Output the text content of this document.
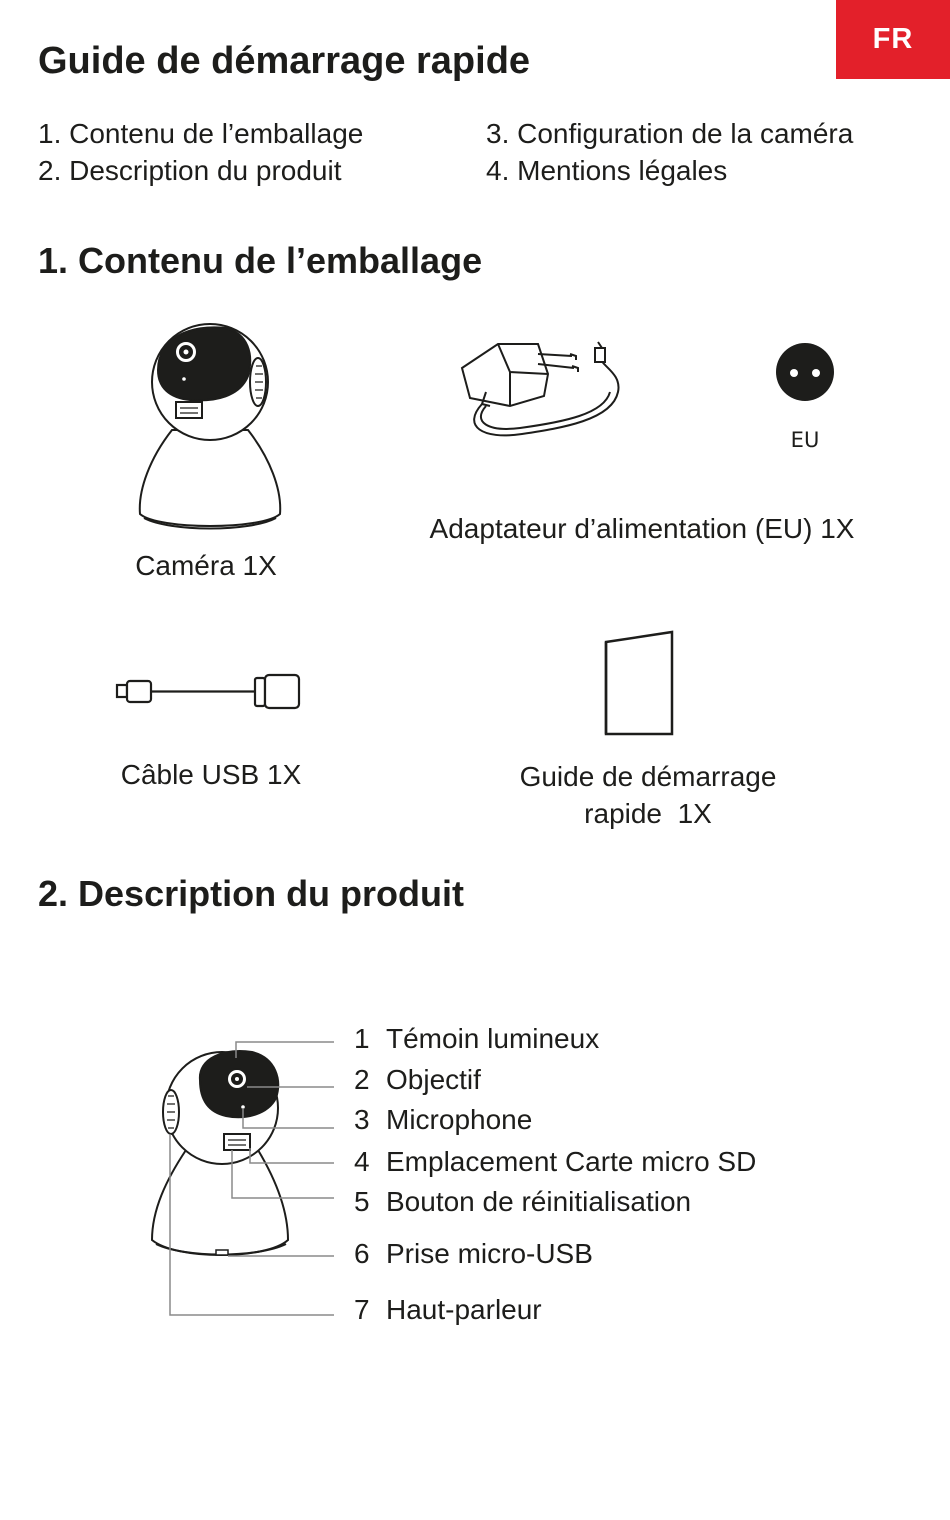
FR
Guide de démarrage rapide
1. Contenu de l’emballage
2. Description du produit
3. Configuration de la caméra
4. Mentions légales
1. Contenu de l’emballage
Caméra 1X
EU
Adaptateur d’alimentation (EU) 1X
Câble USB 1X	Guide de démarrage
rapide  1X
2. Description du produit
1 Témoin lumineux
2 Objectif
3 Microphone
4 Emplacement Carte micro SD
5 Bouton de réinitialisation
6 Prise micro-USB
7 Haut-parleur
